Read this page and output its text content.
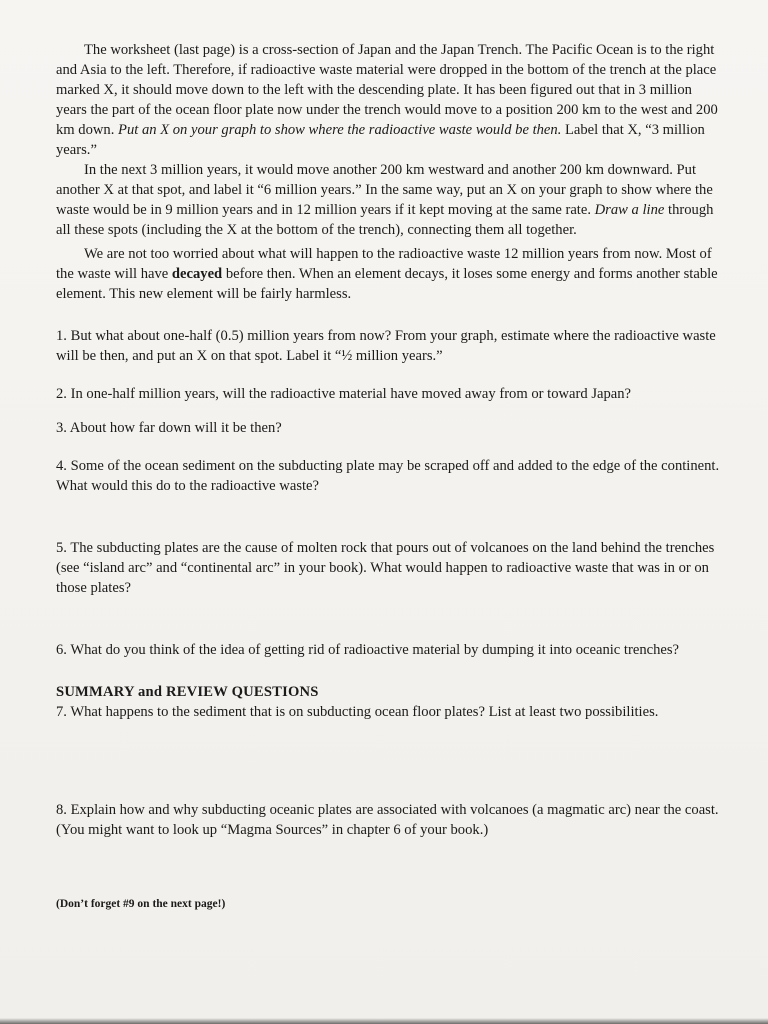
The worksheet (last page) is a cross-section of Japan and the Japan Trench. The Pacific Ocean is to the right and Asia to the left. Therefore, if radioactive waste material were dropped in the bottom of the trench at the place marked X, it should move down to the left with the descending plate. It has been figured out that in 3 million years the part of the ocean floor plate now under the trench would move to a position 200 km to the west and 200 km down. Put an X on your graph to show where the radioactive waste would be then. Label that X, “3 million years.”

In the next 3 million years, it would move another 200 km westward and another 200 km downward. Put another X at that spot, and label it “6 million years.” In the same way, put an X on your graph to show where the waste would be in 9 million years and in 12 million years if it kept moving at the same rate. Draw a line through all these spots (including the X at the bottom of the trench), connecting them all together.

We are not too worried about what will happen to the radioactive waste 12 million years from now. Most of the waste will have decayed before then. When an element decays, it loses some energy and forms another stable element. This new element will be fairly harmless.

1. But what about one-half (0.5) million years from now? From your graph, estimate where the radioactive waste will be then, and put an X on that spot. Label it “½ million years.”

2. In one-half million years, will the radioactive material have moved away from or toward Japan?

3. About how far down will it be then?

4. Some of the ocean sediment on the subducting plate may be scraped off and added to the edge of the continent. What would this do to the radioactive waste?

5. The subducting plates are the cause of molten rock that pours out of volcanoes on the land behind the trenches (see “island arc” and “continental arc” in your book). What would happen to radioactive waste that was in or on those plates?

6. What do you think of the idea of getting rid of radioactive material by dumping it into oceanic trenches?

SUMMARY and REVIEW QUESTIONS

7. What happens to the sediment that is on subducting ocean floor plates? List at least two possibilities.

8. Explain how and why subducting oceanic plates are associated with volcanoes (a magmatic arc) near the coast. (You might want to look up “Magma Sources” in chapter 6 of your book.)

(Don’t forget #9 on the next page!)
